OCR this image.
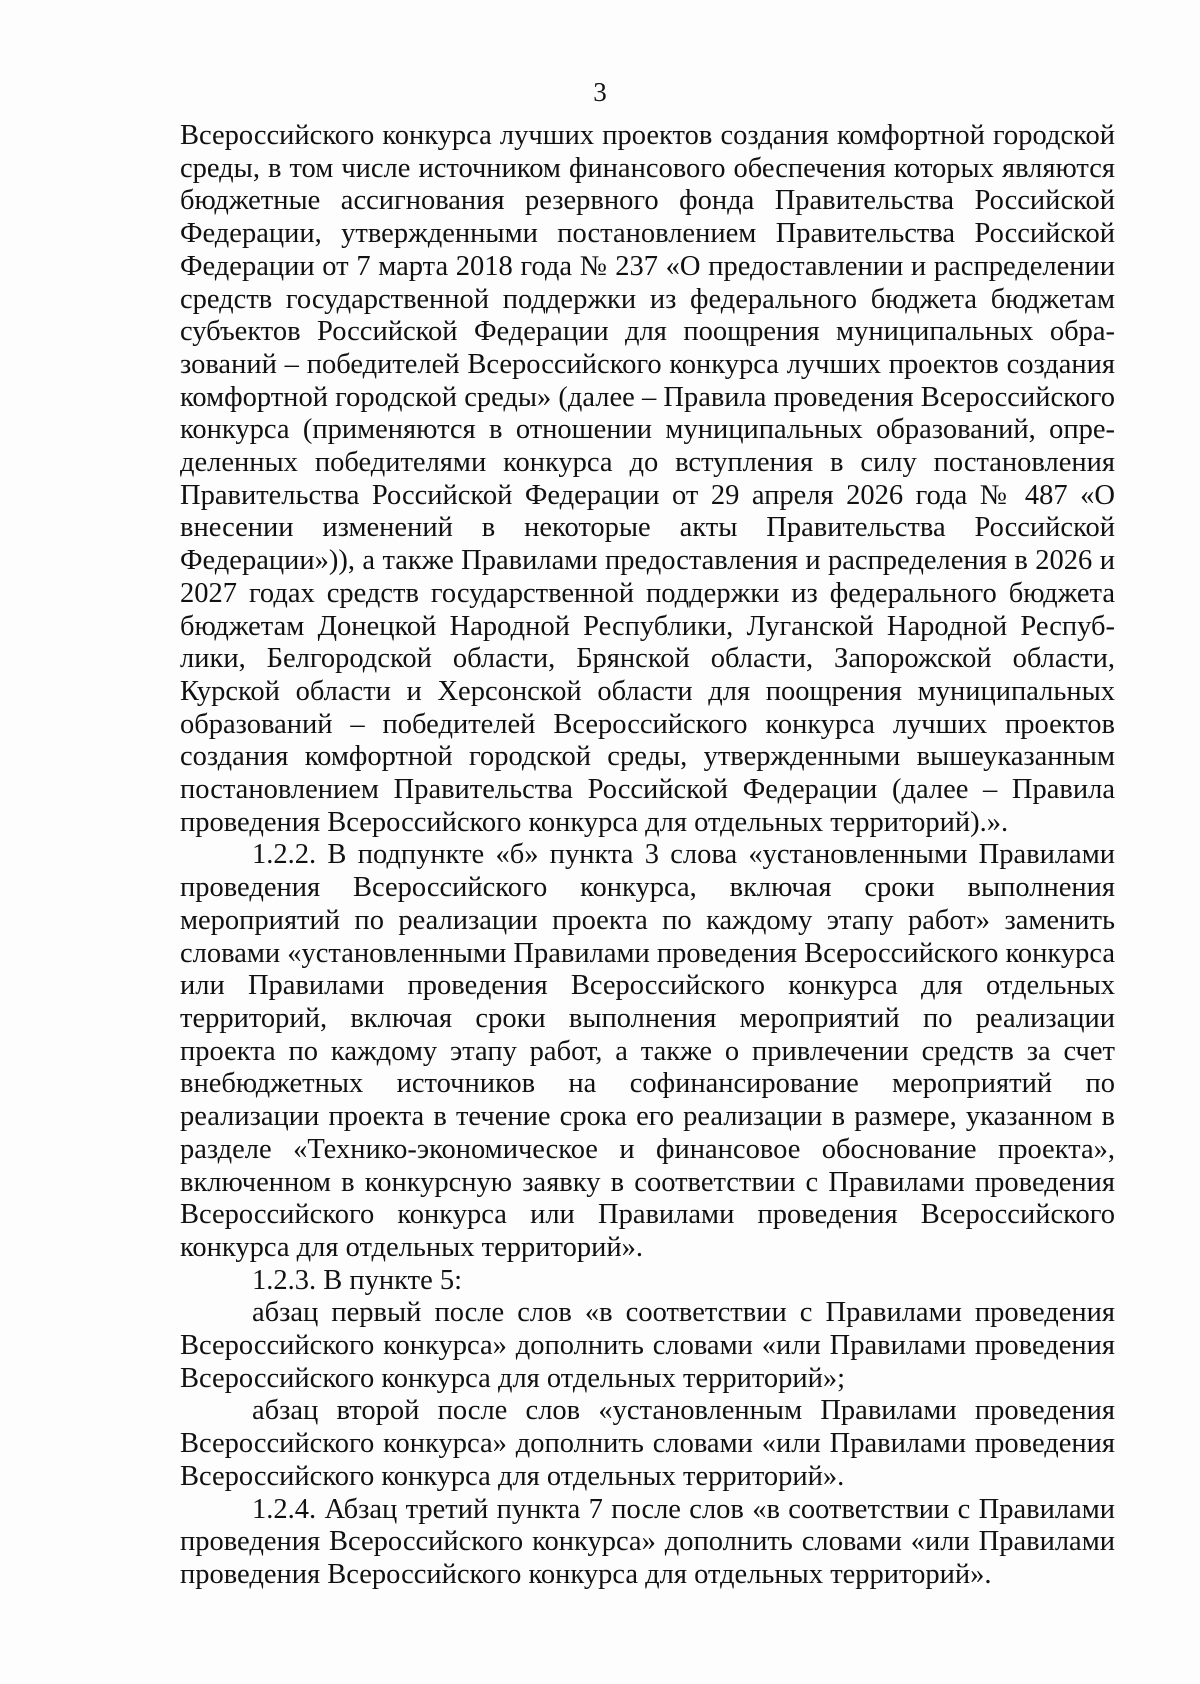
3

Всероссийского конкурса лучших проектов создания комфортной городской среды, в том числе источником финансового обеспечения которых являются бюджетные ассигнования резервного фонда Правительства Российской Федерации, утвержденными постановлением Правительства Российской Федерации от 7 марта 2018 года № 237 «О предоставлении и распределении средств государственной поддержки из федерального бюджета бюджетам субъектов Российской Федерации для поощрения муниципальных образований – победителей Всероссийского конкурса лучших проектов создания комфортной городской среды» (далее – Правила проведения Всероссийского конкурса (применяются в отношении муниципальных образований, определенных победителями конкурса до вступления в силу постановления Правительства Российской Федерации от 29 апреля 2026 года № 487 «О внесении изменений в некоторые акты Правительства Российской Федерации»)), а также Правилами предоставления и распределения в 2026 и 2027 годах средств государственной поддержки из федерального бюджета бюджетам Донецкой Народной Республики, Луганской Народной Республики, Белгородской области, Брянской области, Запорожской области, Курской области и Херсонской области для поощрения муниципальных образований – победителей Всероссийского конкурса лучших проектов создания комфортной городской среды, утвержденными вышеуказанным постановлением Правительства Российской Федерации (далее – Правила проведения Всероссийского конкурса для отдельных территорий).».

1.2.2. В подпункте «б» пункта 3 слова «установленными Правилами проведения Всероссийского конкурса, включая сроки выполнения мероприятий по реализации проекта по каждому этапу работ» заменить словами «установленными Правилами проведения Всероссийского конкурса или Правилами проведения Всероссийского конкурса для отдельных территорий, включая сроки выполнения мероприятий по реализации проекта по каждому этапу работ, а также о привлечении средств за счет внебюджетных источников на софинансирование мероприятий по реализации проекта в течение срока его реализации в размере, указанном в разделе «Технико-экономическое и финансовое обоснование проекта», включенном в конкурсную заявку в соответствии с Правилами проведения Всероссийского конкурса или Правилами проведения Всероссийского конкурса для отдельных территорий».

1.2.3. В пункте 5:

абзац первый после слов «в соответствии с Правилами проведения Всероссийского конкурса» дополнить словами «или Правилами проведения Всероссийского конкурса для отдельных территорий»;

абзац второй после слов «установленным Правилами проведения Всероссийского конкурса» дополнить словами «или Правилами проведения Всероссийского конкурса для отдельных территорий».

1.2.4. Абзац третий пункта 7 после слов «в соответствии с Правилами проведения Всероссийского конкурса» дополнить словами «или Правилами проведения Всероссийского конкурса для отдельных территорий».
